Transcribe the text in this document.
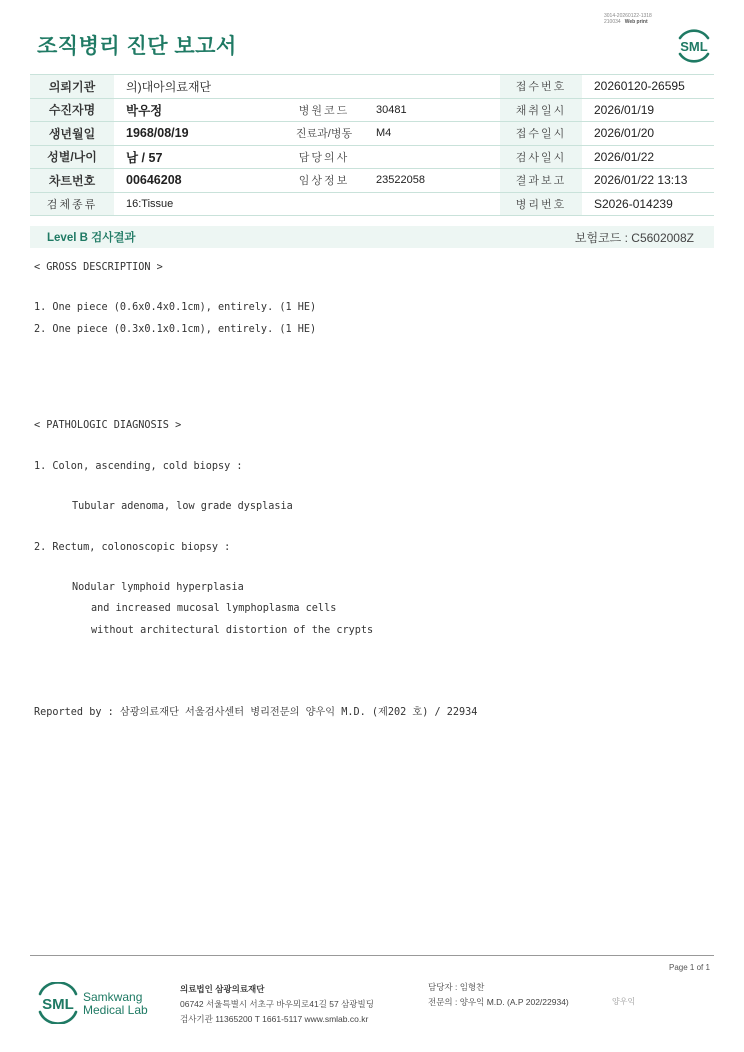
3014-20260122-1318
210034 Web print
조직병리 진단 보고서	SML
의뢰기관	의)대아의료재단			접수번호	20260120-26595
수진자명	박우정	병원코드	30481	채취일시	2026/01/19
생년월일	1968/08/19	진료과/병동	M4	접수일시	2026/01/20
성별/나이	남 / 57	담당의사		검사일시	2026/01/22
차트번호	00646208	임상정보	23522058	결과보고	2026/01/22 13:13
검체종류	16:Tissue			병리번호	S2026-014239
Level B 검사결과	보험코드 : C5602008Z
< GROSS DESCRIPTION >
1. One piece (0.6x0.4x0.1cm), entirely. (1 HE)
2. One piece (0.3x0.1x0.1cm), entirely. (1 HE)
< PATHOLOGIC DIAGNOSIS >
1. Colon, ascending, cold biopsy :
Tubular adenoma, low grade dysplasia
2. Rectum, colonoscopic biopsy :
Nodular lymphoid hyperplasia
and increased mucosal lymphoplasma cells
without architectural distortion of the crypts
Reported by : 삼광의료재단 서울검사센터 병리전문의 양우익 M.D. (제202 호) / 22934
Page 1 of 1
SML Samkwang
Medical Lab
의료법인 삼광의료재단
06742 서울특별시 서초구 바우뫼로41길 57 삼광빌딩
검사기관 11365200 T 1661-5117 www.smlab.co.kr
담당자 : 임형찬
전문의 : 양우익 M.D. (A.P 202/22934)	양우익
